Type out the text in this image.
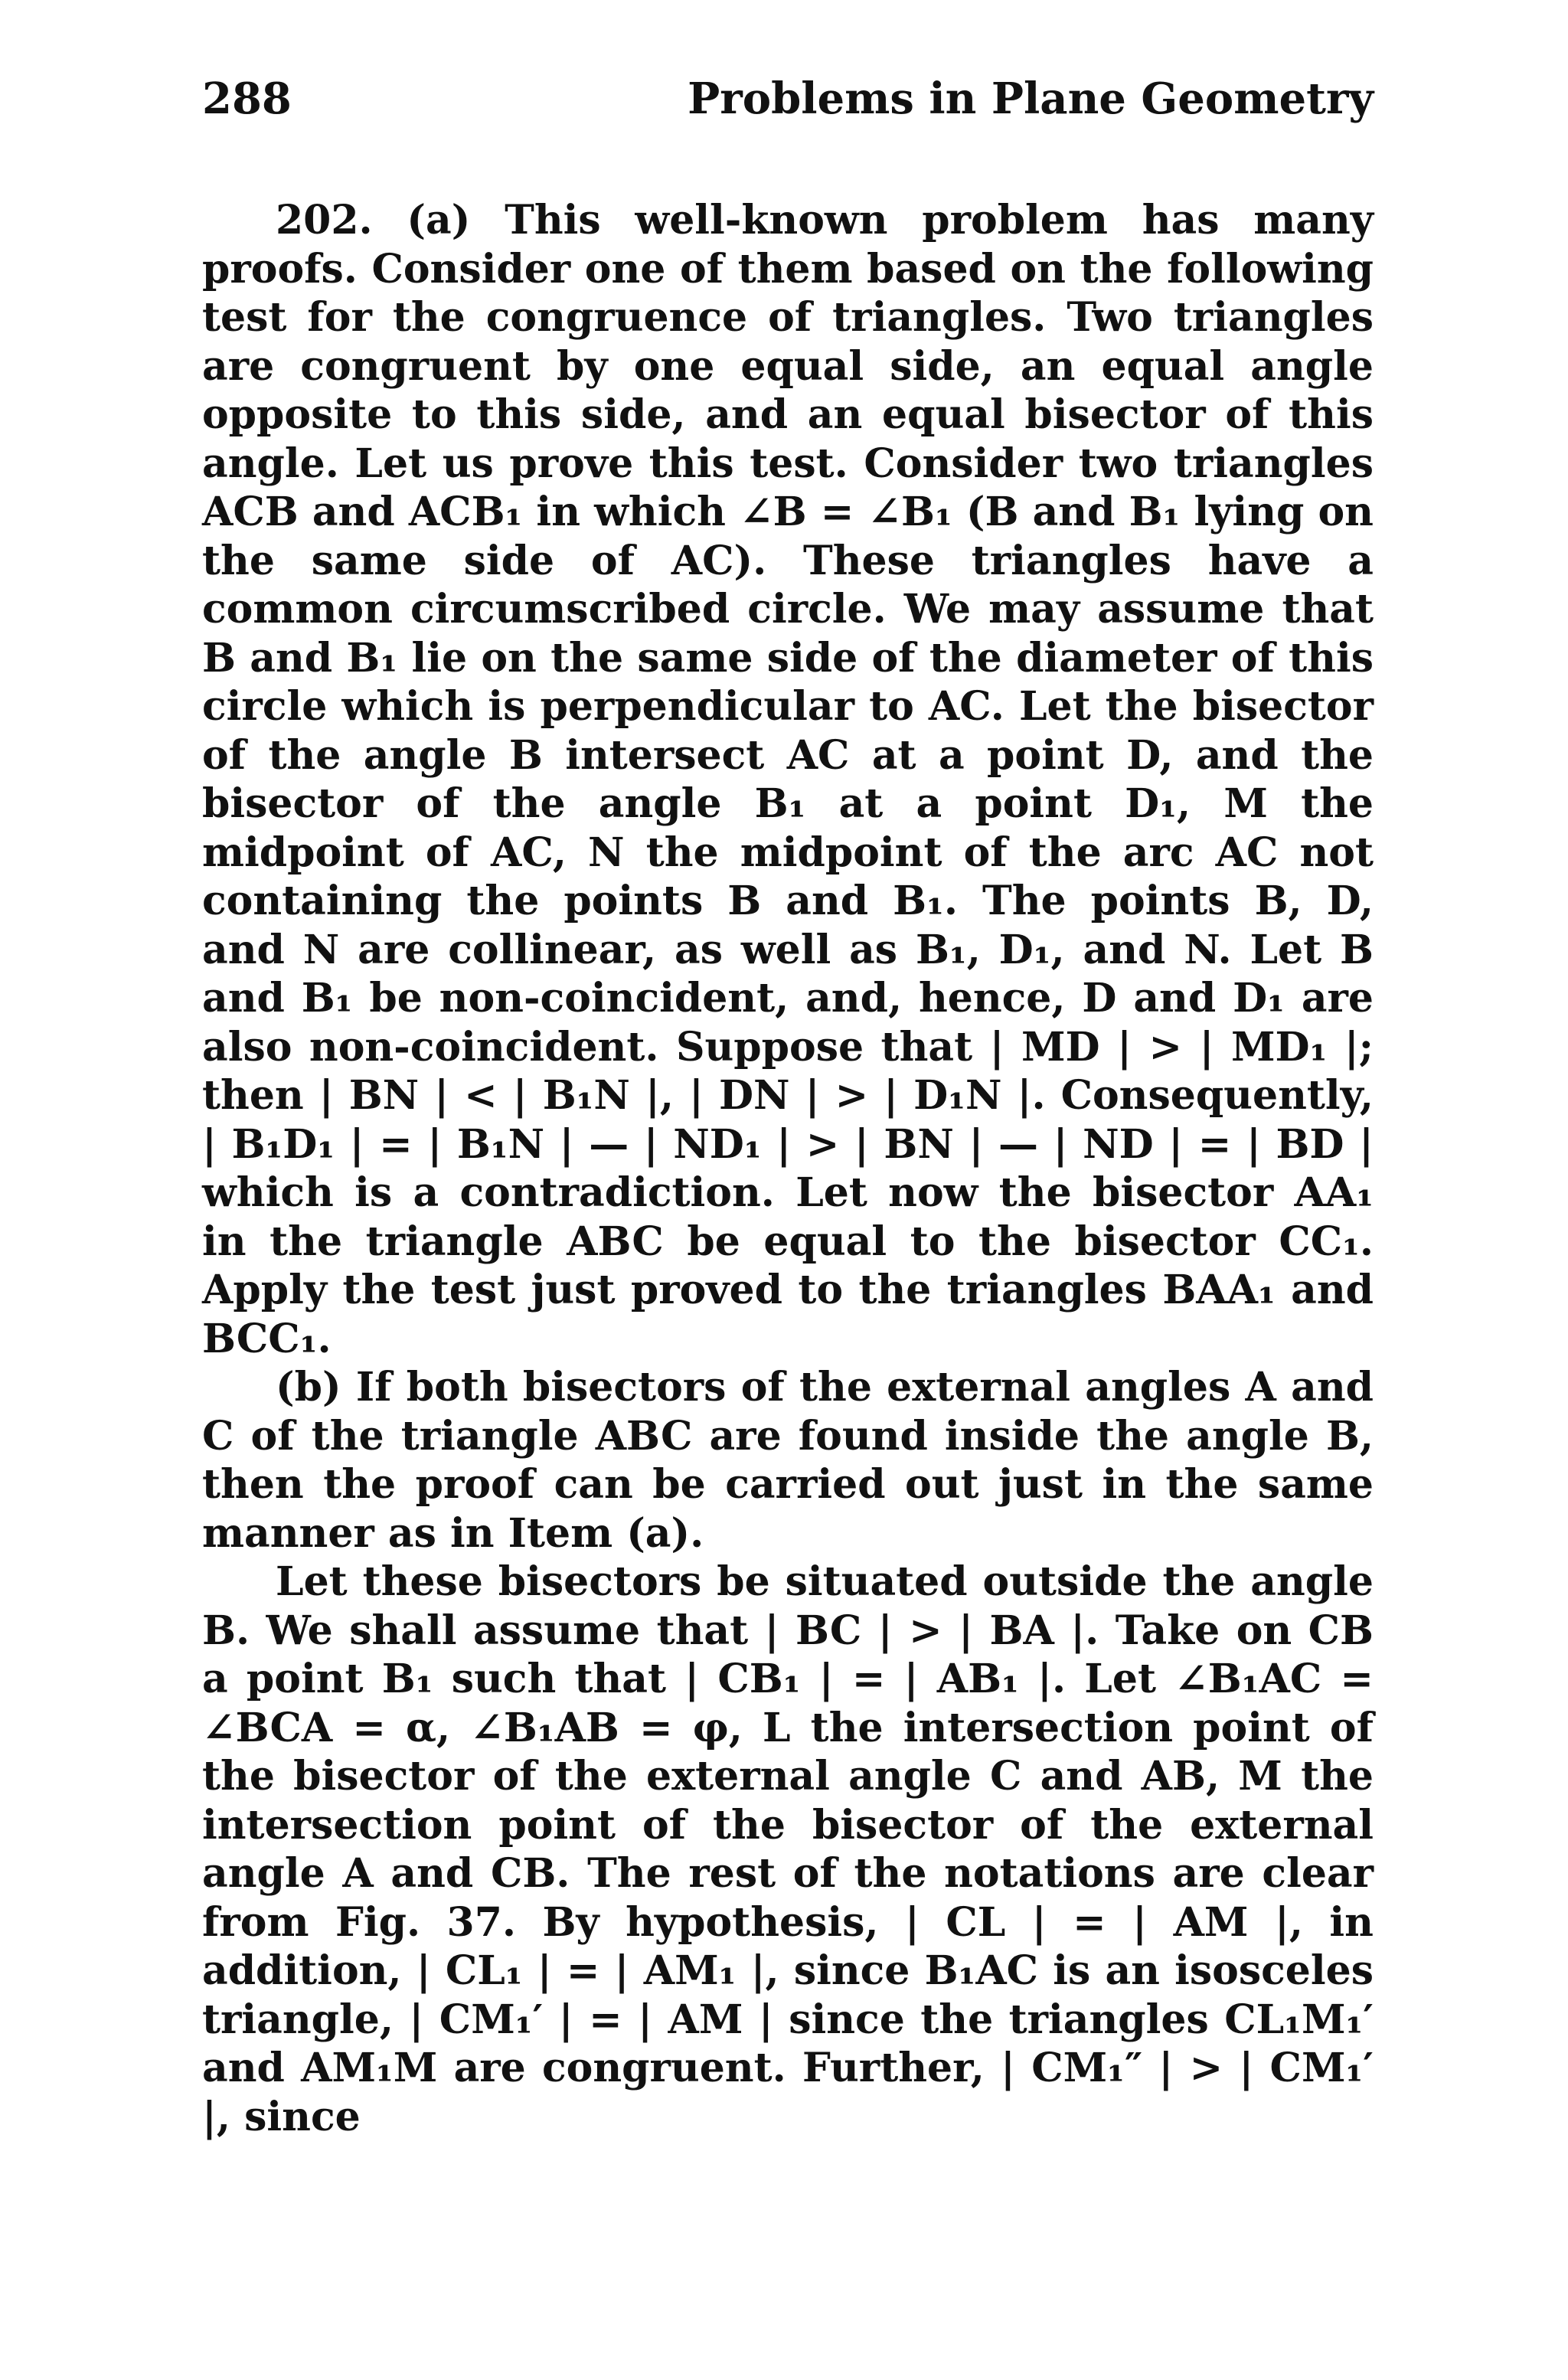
288	Problems in Plane Geometry

202. (a) This well-known problem has many proofs. Consider one of them based on the following test for the congruence of triangles. Two triangles are congruent by one equal side, an equal angle opposite to this side, and an equal bisector of this angle. Let us prove this test. Consider two triangles ACB and ACB₁ in which ∠B = ∠B₁ (B and B₁ lying on the same side of AC). These triangles have a common circumscribed circle. We may assume that B and B₁ lie on the same side of the diameter of this circle which is perpendicular to AC. Let the bisector of the angle B intersect AC at a point D, and the bisector of the angle B₁ at a point D₁, M the midpoint of AC, N the midpoint of the arc AC not containing the points B and B₁. The points B, D, and N are collinear, as well as B₁, D₁, and N. Let B and B₁ be non-coincident, and, hence, D and D₁ are also non-coincident. Suppose that | MD | > | MD₁ |; then | BN | < | B₁N |, | DN | > | D₁N |. Consequently, | B₁D₁ | = | B₁N | — | ND₁ | > | BN | — | ND | = | BD | which is a contradiction. Let now the bisector AA₁ in the triangle ABC be equal to the bisector CC₁. Apply the test just proved to the triangles BAA₁ and BCC₁.

(b) If both bisectors of the external angles A and C of the triangle ABC are found inside the angle B, then the proof can be carried out just in the same manner as in Item (a).

Let these bisectors be situated outside the angle B. We shall assume that | BC | > | BA |. Take on CB a point B₁ such that | CB₁ | = | AB₁ |. Let ∠B₁AC = ∠BCA = α, ∠B₁AB = φ, L the intersection point of the bisector of the external angle C and AB, M the intersection point of the bisector of the external angle A and CB. The rest of the notations are clear from Fig. 37. By hypothesis, | CL | = | AM |, in addition, | CL₁ | = | AM₁ |, since B₁AC is an isosceles triangle, | CM₁′ | = | AM | since the triangles CL₁M₁′ and AM₁M are congruent. Further, | CM₁″ | > | CM₁′ |, since
